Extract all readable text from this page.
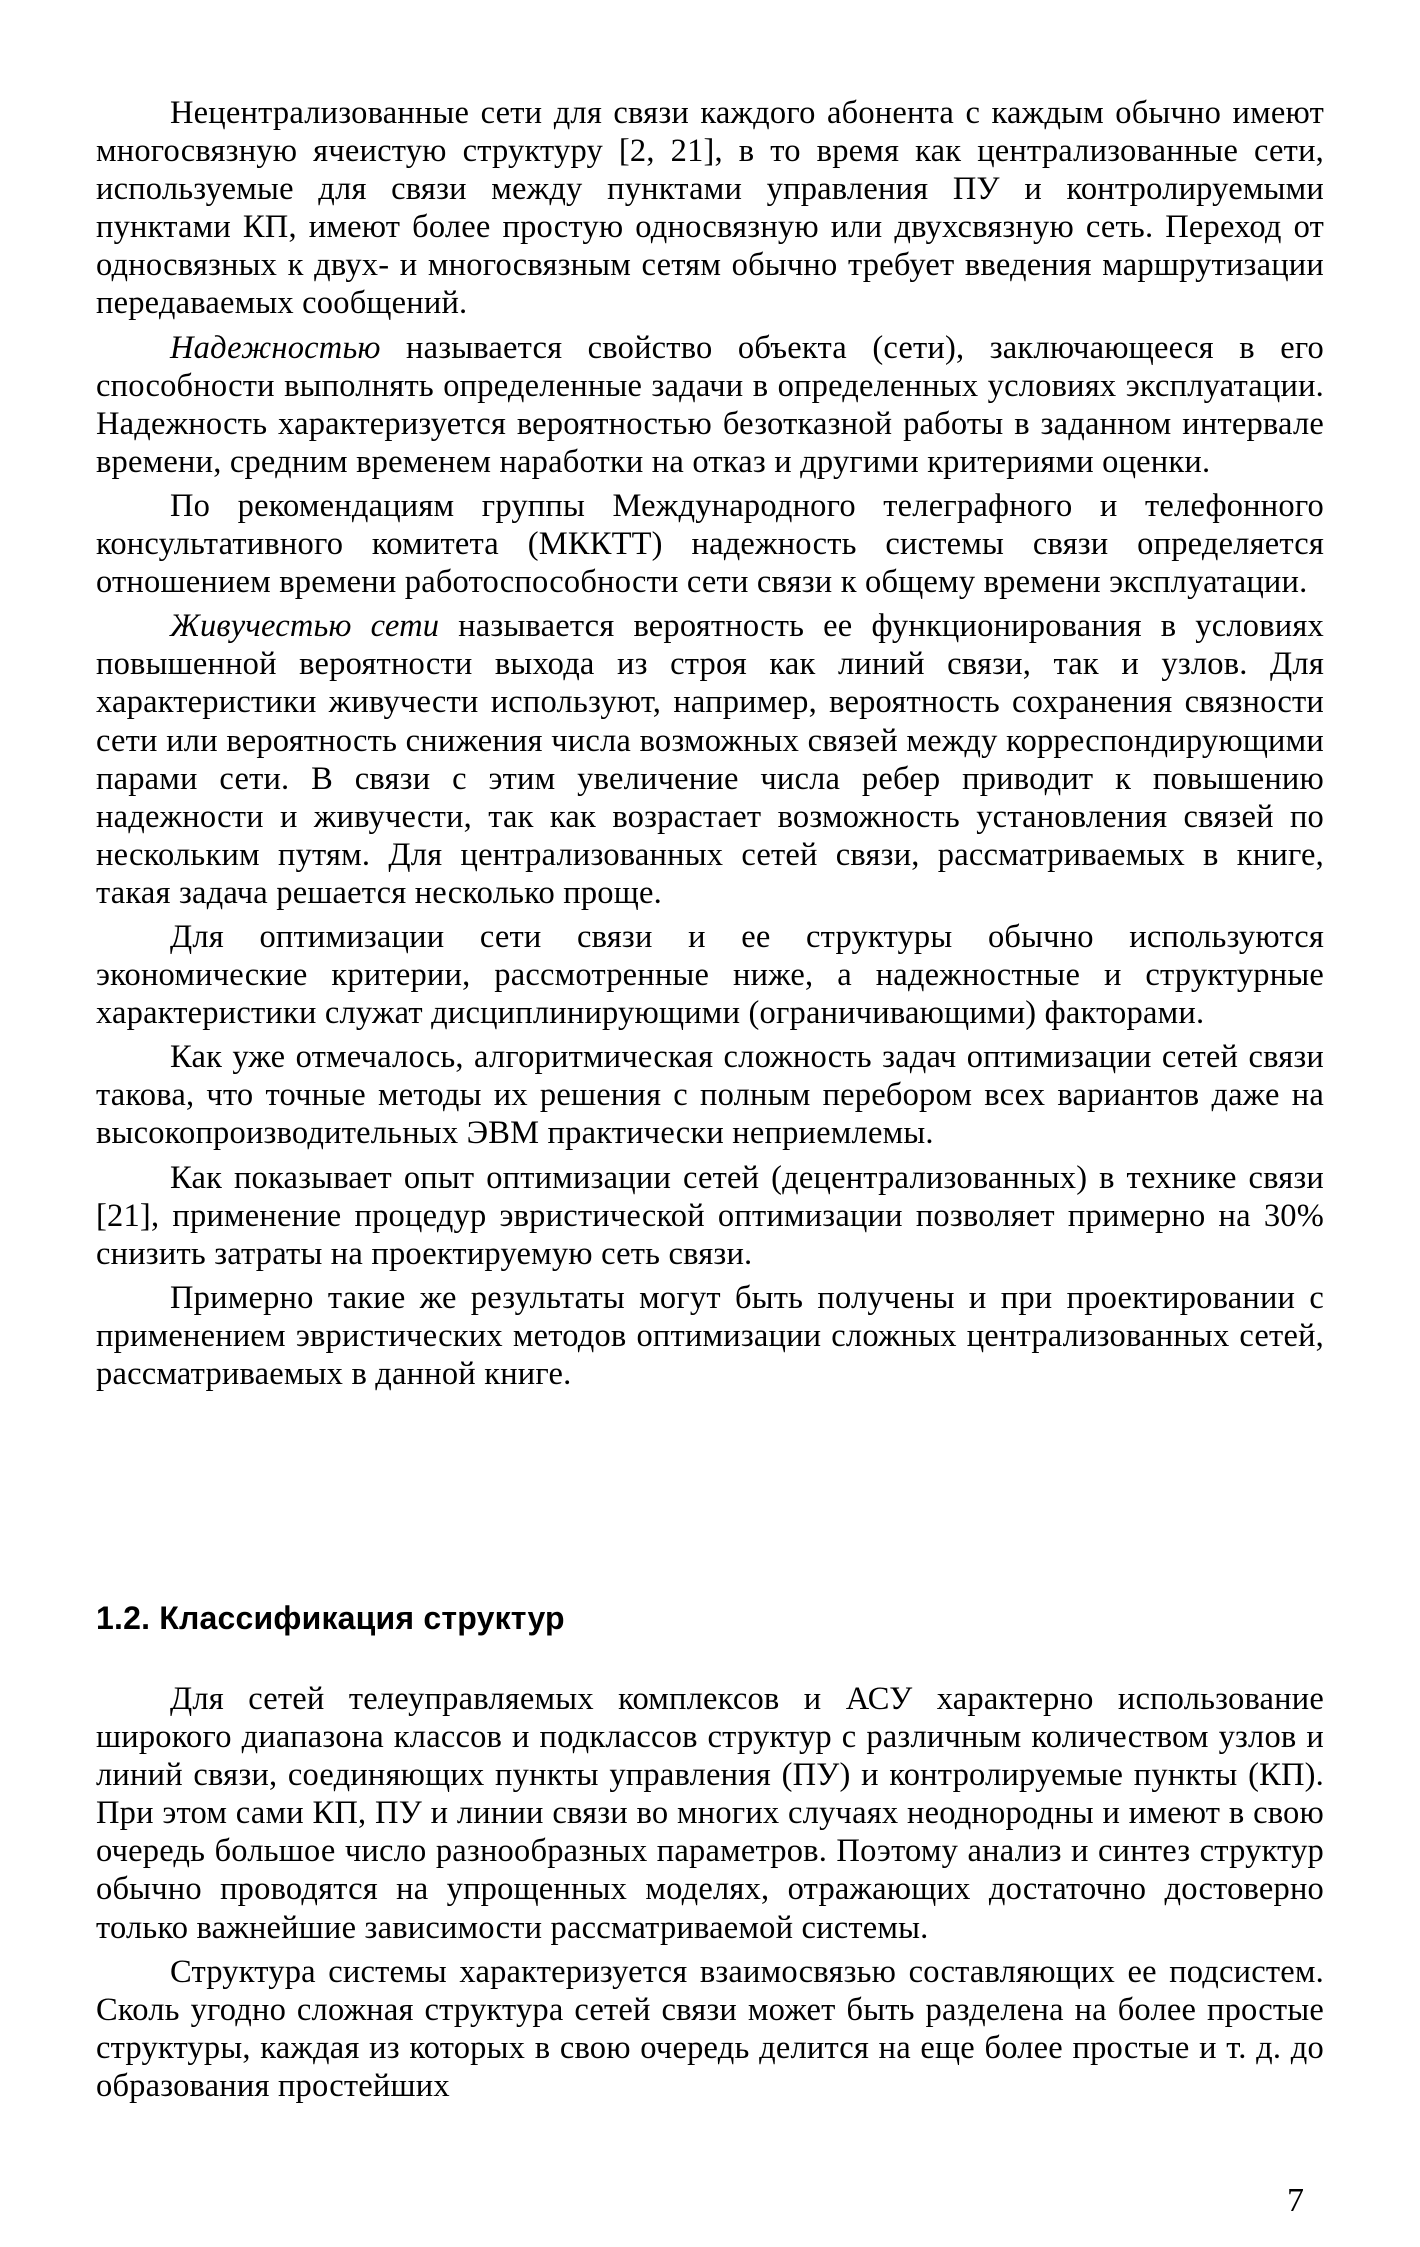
Нецентрализованные сети для связи каждого абонента с каждым обычно имеют многосвязную ячеистую структуру [2, 21], в то время как централизованные сети, используемые для связи между пунктами управления ПУ и контролируемыми пунктами КП, имеют более простую односвязную или двухсвязную сеть. Переход от односвязных к двух- и многосвязным сетям обычно требует введения маршрутизации передаваемых сообщений.

Надежностью называется свойство объекта (сети), заключающееся в его способности выполнять определенные задачи в определенных условиях эксплуатации. Надежность характеризуется вероятностью безотказной работы в заданном интервале времени, средним временем наработки на отказ и другими критериями оценки.

По рекомендациям группы Международного телеграфного и телефонного консультативного комитета (МККТТ) надежность системы связи определяется отношением времени работоспособности сети связи к общему времени эксплуатации.

Живучестью сети называется вероятность ее функционирования в условиях повышенной вероятности выхода из строя как линий связи, так и узлов. Для характеристики живучести используют, например, вероятность сохранения связности сети или вероятность снижения числа возможных связей между корреспондирующими парами сети. В связи с этим увеличение числа ребер приводит к повышению надежности и живучести, так как возрастает возможность установления связей по нескольким путям. Для централизованных сетей связи, рассматриваемых в книге, такая задача решается несколько проще.

Для оптимизации сети связи и ее структуры обычно используются экономические критерии, рассмотренные ниже, а надежностные и структурные характеристики служат дисциплинирующими (ограничивающими) факторами.

Как уже отмечалось, алгоритмическая сложность задач оптимизации сетей связи такова, что точные методы их решения с полным перебором всех вариантов даже на высокопроизводительных ЭВМ практически неприемлемы.

Как показывает опыт оптимизации сетей (децентрализованных) в технике связи [21], применение процедур эвристической оптимизации позволяет примерно на 30% снизить затраты на проектируемую сеть связи.

Примерно такие же результаты могут быть получены и при проектировании с применением эвристических методов оптимизации сложных централизованных сетей, рассматриваемых в данной книге.

1.2. Классификация структур

Для сетей телеуправляемых комплексов и АСУ характерно использование широкого диапазона классов и подклассов структур с различным количеством узлов и линий связи, соединяющих пункты управления (ПУ) и контролируемые пункты (КП). При этом сами КП, ПУ и линии связи во многих случаях неоднородны и имеют в свою очередь большое число разнообразных параметров. Поэтому анализ и синтез структур обычно проводятся на упрощенных моделях, отражающих достаточно достоверно только важнейшие зависимости рассматриваемой системы.

Структура системы характеризуется взаимосвязью составляющих ее подсистем. Сколь угодно сложная структура сетей связи может быть разделена на более простые структуры, каждая из которых в свою очередь делится на еще более простые и т. д. до образования простейших

7
